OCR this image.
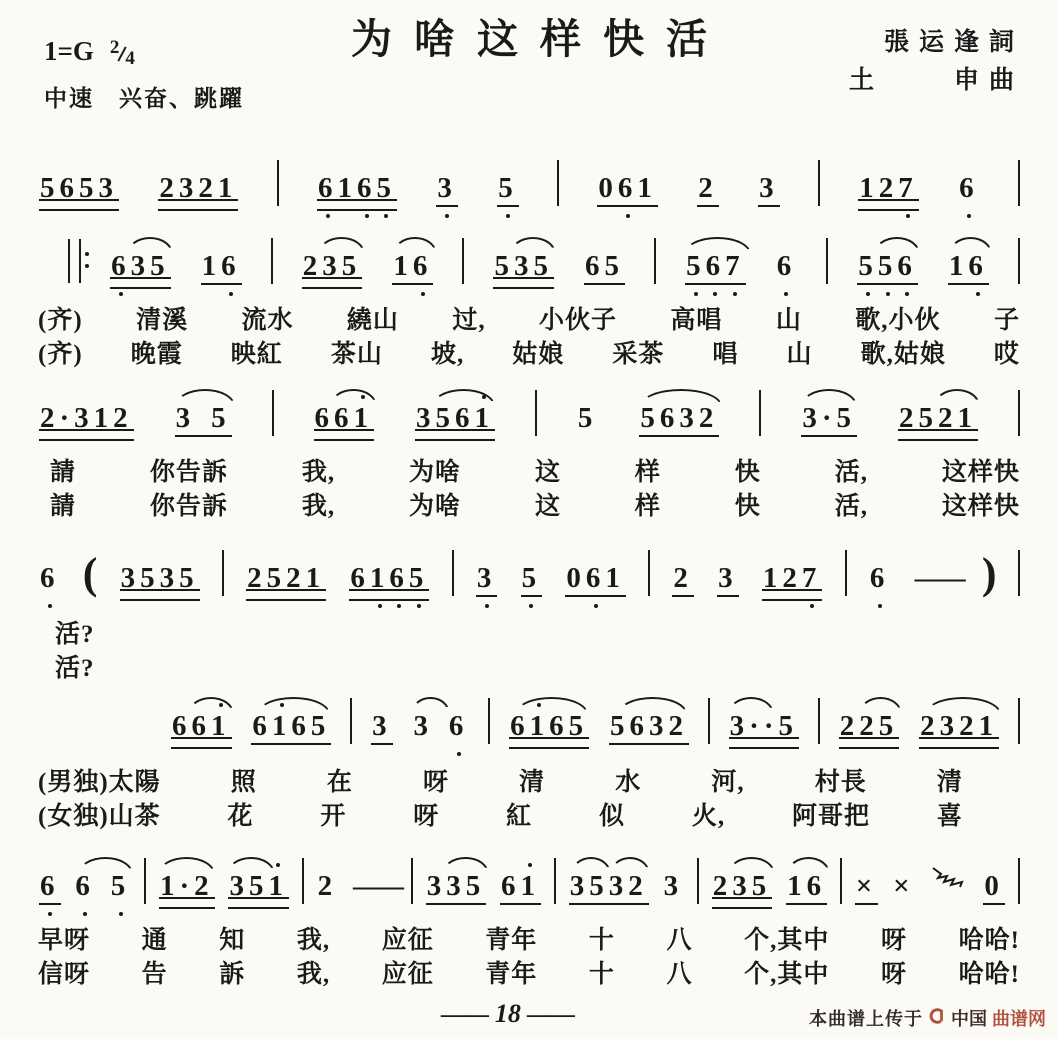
为啥这样快活
1=G $^2$4
中速　兴奋、跳躍
張运逢詞
土　　申曲
5653 2321	6165 3 5	061 2 3	127 6
635 16 235 16 535 65 567 6 556 16
(齐) 清溪 流水 繞山 过, 小伙子 高唱 山 歌,小伙 子
(齐) 晚霞 映紅 茶山 坡, 姑娘 采茶 唱 山 歌,姑娘 哎
2·312 3 5	661 3561	5 5632	3·5 2521
請	你告訴	我,	为啥	这	样	快	活,	这样快
請	你告訴	我,	为啥	这	样	快	活,	这样快
6 ( 3535 2521 6165 3 5 061 2 3 127 6 —— )
活?
活?
661 6165 3 3 6 6165 5632 3··5 225 2321
(男独)太陽	照	在	呀	清	水	河,	村長	清
(女独)山茶	花	开	呀	紅	似	火,	阿哥把	喜
6 6 5 1·2 351 2 —— 335 61 3532 3 235 16 × × 0
早呀 通 知 我, 应征 青年 十 八 个,其中 呀 哈哈!
信呀 告 訴 我, 应征 青年 十 八 个,其中 呀 哈哈!
—— 18 ——	本曲谱上传于 中国 曲谱网
